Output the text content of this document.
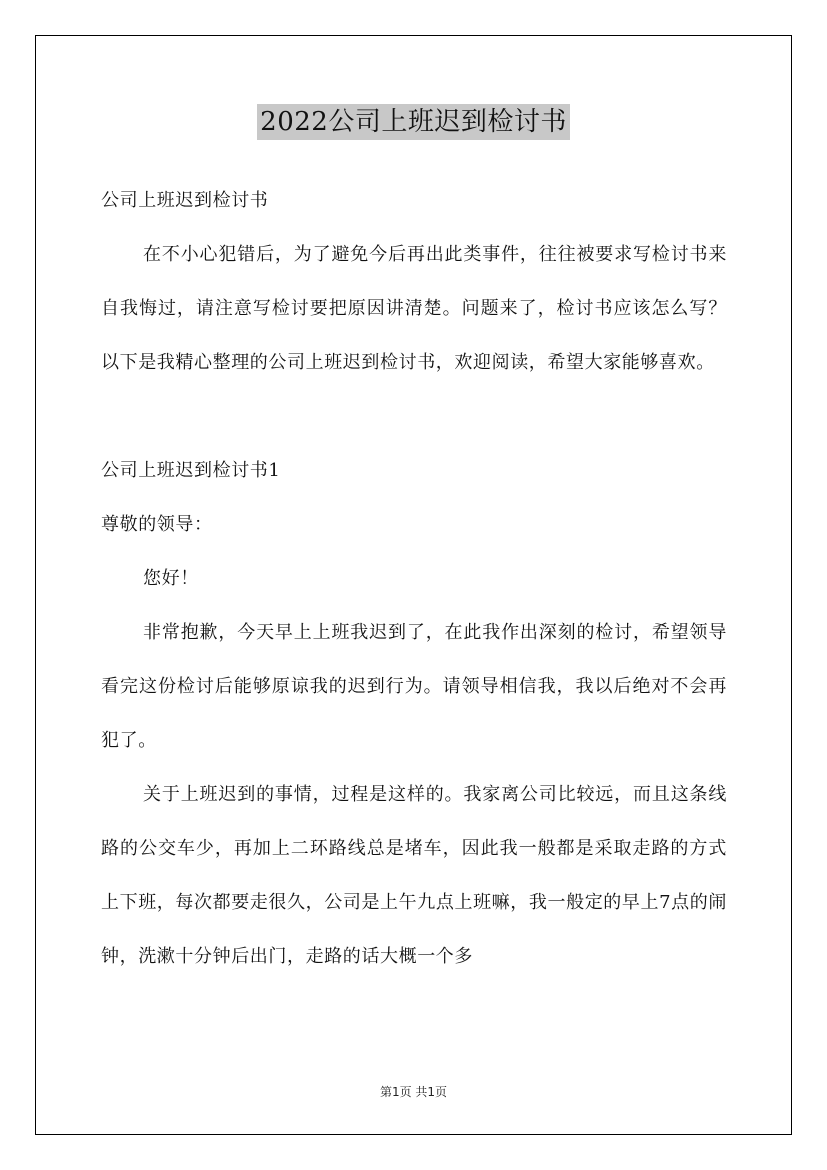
2022公司上班迟到检讨书

公司上班迟到检讨书

在不小心犯错后，为了避免今后再出此类事件，往往被要求写检讨书来自我悔过，请注意写检讨要把原因讲清楚。问题来了，检讨书应该怎么写？以下是我精心整理的公司上班迟到检讨书，欢迎阅读，希望大家能够喜欢。

公司上班迟到检讨书1

尊敬的领导：

您好！

非常抱歉，今天早上上班我迟到了，在此我作出深刻的检讨，希望领导看完这份检讨后能够原谅我的迟到行为。请领导相信我，我以后绝对不会再犯了。

关于上班迟到的事情，过程是这样的。我家离公司比较远，而且这条线路的公交车少，再加上二环路线总是堵车，因此我一般都是采取走路的方式上下班，每次都要走很久，公司是上午九点上班嘛，我一般定的早上7点的闹钟，洗漱十分钟后出门，走路的话大概一个多

第1页 共1页
